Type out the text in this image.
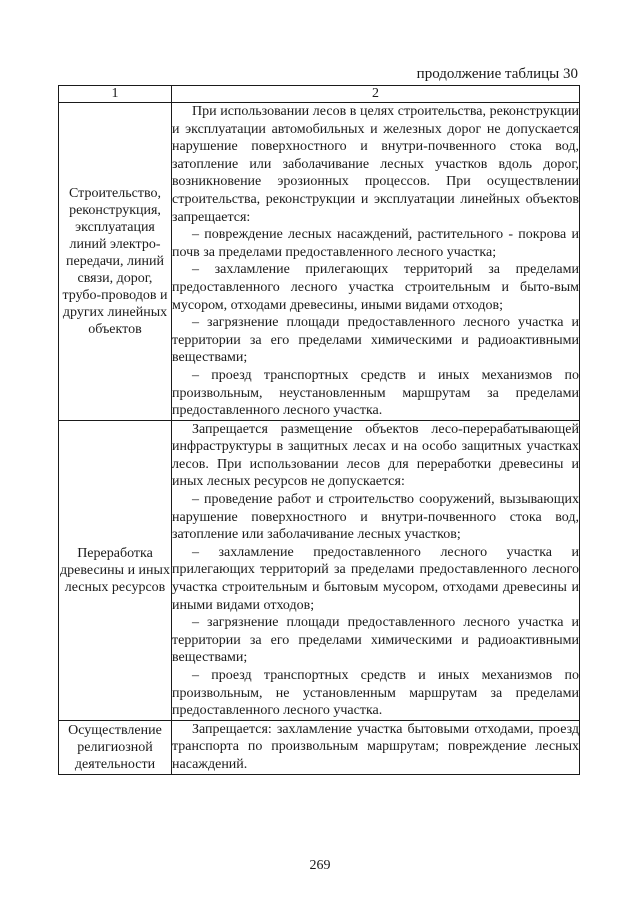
продолжение таблицы 30
1	2
Строительство, реконструкция, эксплуатация линий электро-передачи, линий связи, дорог, трубо-проводов и других линейных объектов	При использовании лесов в целях строительства, реконструкции и эксплуатации автомобильных и железных дорог не допускается нарушение поверхностного и внутри-почвенного стока вод, затопление или заболачивание лесных участков вдоль дорог, возникновение эрозионных процессов. При осуществлении строительства, реконструкции и эксплуатации линейных объектов запрещается:

– повреждение лесных насаждений, растительного - покрова и почв за пределами предоставленного лесного участка;

– захламление прилегающих территорий за пределами предоставленного лесного участка строительным и быто-вым мусором, отходами древесины, иными видами отходов;

– загрязнение площади предоставленного лесного участка и территории за его пределами химическими и радиоактивными веществами;

– проезд транспортных средств и иных механизмов по произвольным, неустановленным маршрутам за пределами предоставленного лесного участка.

Переработка древесины и иных лесных ресурсов	Запрещается размещение объектов лесо-перерабатывающей инфраструктуры в защитных лесах и на особо защитных участках лесов. При использовании лесов для переработки древесины и иных лесных ресурсов не допускается:

– проведение работ и строительство сооружений, вызывающих нарушение поверхностного и внутри-почвенного стока вод, затопление или заболачивание лесных участков;

– захламление предоставленного лесного участка и прилегающих территорий за пределами предоставленного лесного участка строительным и бытовым мусором, отходами древесины и иными видами отходов;

– загрязнение площади предоставленного лесного участка и территории за его пределами химическими и радиоактивными веществами;

– проезд транспортных средств и иных механизмов по произвольным, не установленным маршрутам за пределами предоставленного лесного участка.

Осуществление религиозной деятельности	Запрещается: захламление участка бытовыми отходами, проезд транспорта по произвольным маршрутам; повреждение лесных насаждений.

269
